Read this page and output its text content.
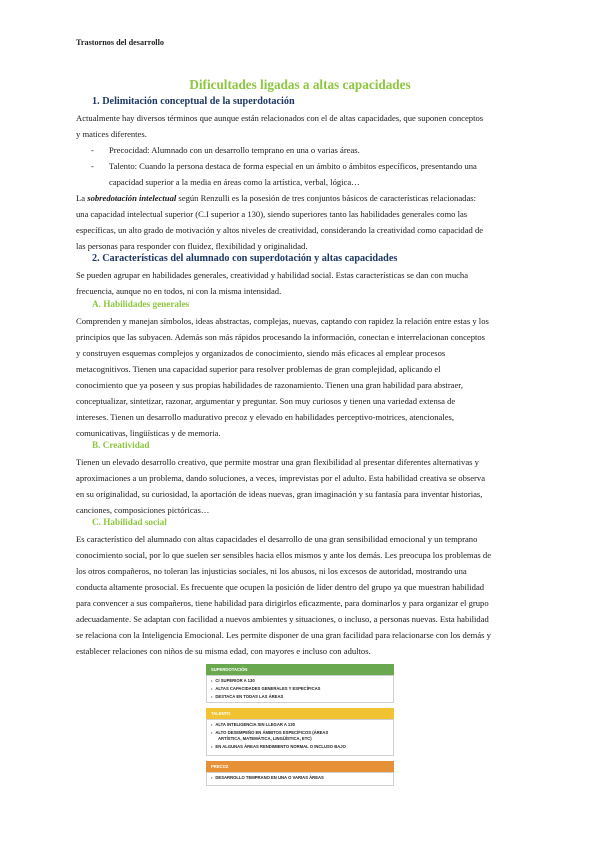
Trastornos del desarrollo
Dificultades ligadas a altas capacidades
1. Delimitación conceptual de la superdotación
Actualmente hay diversos términos que aunque están relacionados con el de altas capacidades, que suponen conceptos
y matices diferentes.
- Precocidad: Alumnado con un desarrollo temprano en una o varias áreas.
- Talento: Cuando la persona destaca de forma especial en un ámbito o ámbitos específicos, presentando una
capacidad superior a la media en áreas como la artística, verbal, lógica…
La sobredotación intelectual según Renzulli es la posesión de tres conjuntos básicos de características relacionadas:
una capacidad intelectual superior (C.I superior a 130), siendo superiores tanto las habilidades generales como las
específicas, un alto grado de motivación y altos niveles de creatividad, considerando la creatividad como capacidad de
las personas para responder con fluidez, flexibilidad y originalidad.
2. Características del alumnado con superdotación y altas capacidades
Se pueden agrupar en habilidades generales, creatividad y habilidad social. Estas características se dan con mucha
frecuencia, aunque no en todos, ni con la misma intensidad.
A. Habilidades generales
Comprenden y manejan símbolos, ideas abstractas, complejas, nuevas, captando con rapidez la relación entre estas y los
principios que las subyacen. Además son más rápidos procesando la información, conectan e interrelacionan conceptos
y construyen esquemas complejos y organizados de conocimiento, siendo más eficaces al emplear procesos
metacognitivos. Tienen una capacidad superior para resolver problemas de gran complejidad, aplicando el
conocimiento que ya poseen y sus propias habilidades de razonamiento. Tienen una gran habilidad para abstraer,
conceptualizar, sintetizar, razonar, argumentar y preguntar. Son muy curiosos y tienen una variedad extensa de
intereses. Tienen un desarrollo madurativo precoz y elevado en habilidades perceptivo-motrices, atencionales,
comunicativas, lingüísticas y de memoria.
B. Creatividad
Tienen un elevado desarrollo creativo, que permite mostrar una gran flexibilidad al presentar diferentes alternativas y
aproximaciones a un problema, dando soluciones, a veces, imprevistas por el adulto. Esta habilidad creativa se observa
en su originalidad, su curiosidad, la aportación de ideas nuevas, gran imaginación y su fantasía para inventar historias,
canciones, composiciones pictóricas…
C. Habilidad social
Es característico del alumnado con altas capacidades el desarrollo de una gran sensibilidad emocional y un temprano
conocimiento social, por lo que suelen ser sensibles hacia ellos mismos y ante los demás. Les preocupa los problemas de
los otros compañeros, no toleran las injusticias sociales, ni los abusos, ni los excesos de autoridad, mostrando una
conducta altamente prosocial. Es frecuente que ocupen la posición de líder dentro del grupo ya que muestran habilidad
para convencer a sus compañeros, tiene habilidad para dirigirlos eficazmente, para dominarlos y para organizar el grupo
adecuadamente. Se adaptan con facilidad a nuevos ambientes y situaciones, o incluso, a personas nuevas. Esta habilidad
se relaciona con la Inteligencia Emocional. Les permite disponer de una gran facilidad para relacionarse con los demás y
establecer relaciones con niños de su misma edad, con mayores e incluso con adultos.
SUPERDOTACIÓN
• CI SUPERIOR A 130
• ALTAS CAPACIDADES GENERALES Y ESPECÍFICAS
• DESTACA EN TODAS LAS ÁREAS
TALENTO
• ALTA INTELIGENCIA SIN LLEGAR A 130
• ALTO DESEMPEÑO EN ÁMBITOS ESPECÍFICOS (ÁREAS
ARTÍSTICA, MATEMÁTICA, LINGÜÍSTICA, ETC)
• EN ALGUNAS ÁREAS RENDIMIENTO NORMAL O INCLUSO BAJO
PRECOZ
• DESARROLLO TEMPRANO EN UNA O VARIAS ÁREAS
